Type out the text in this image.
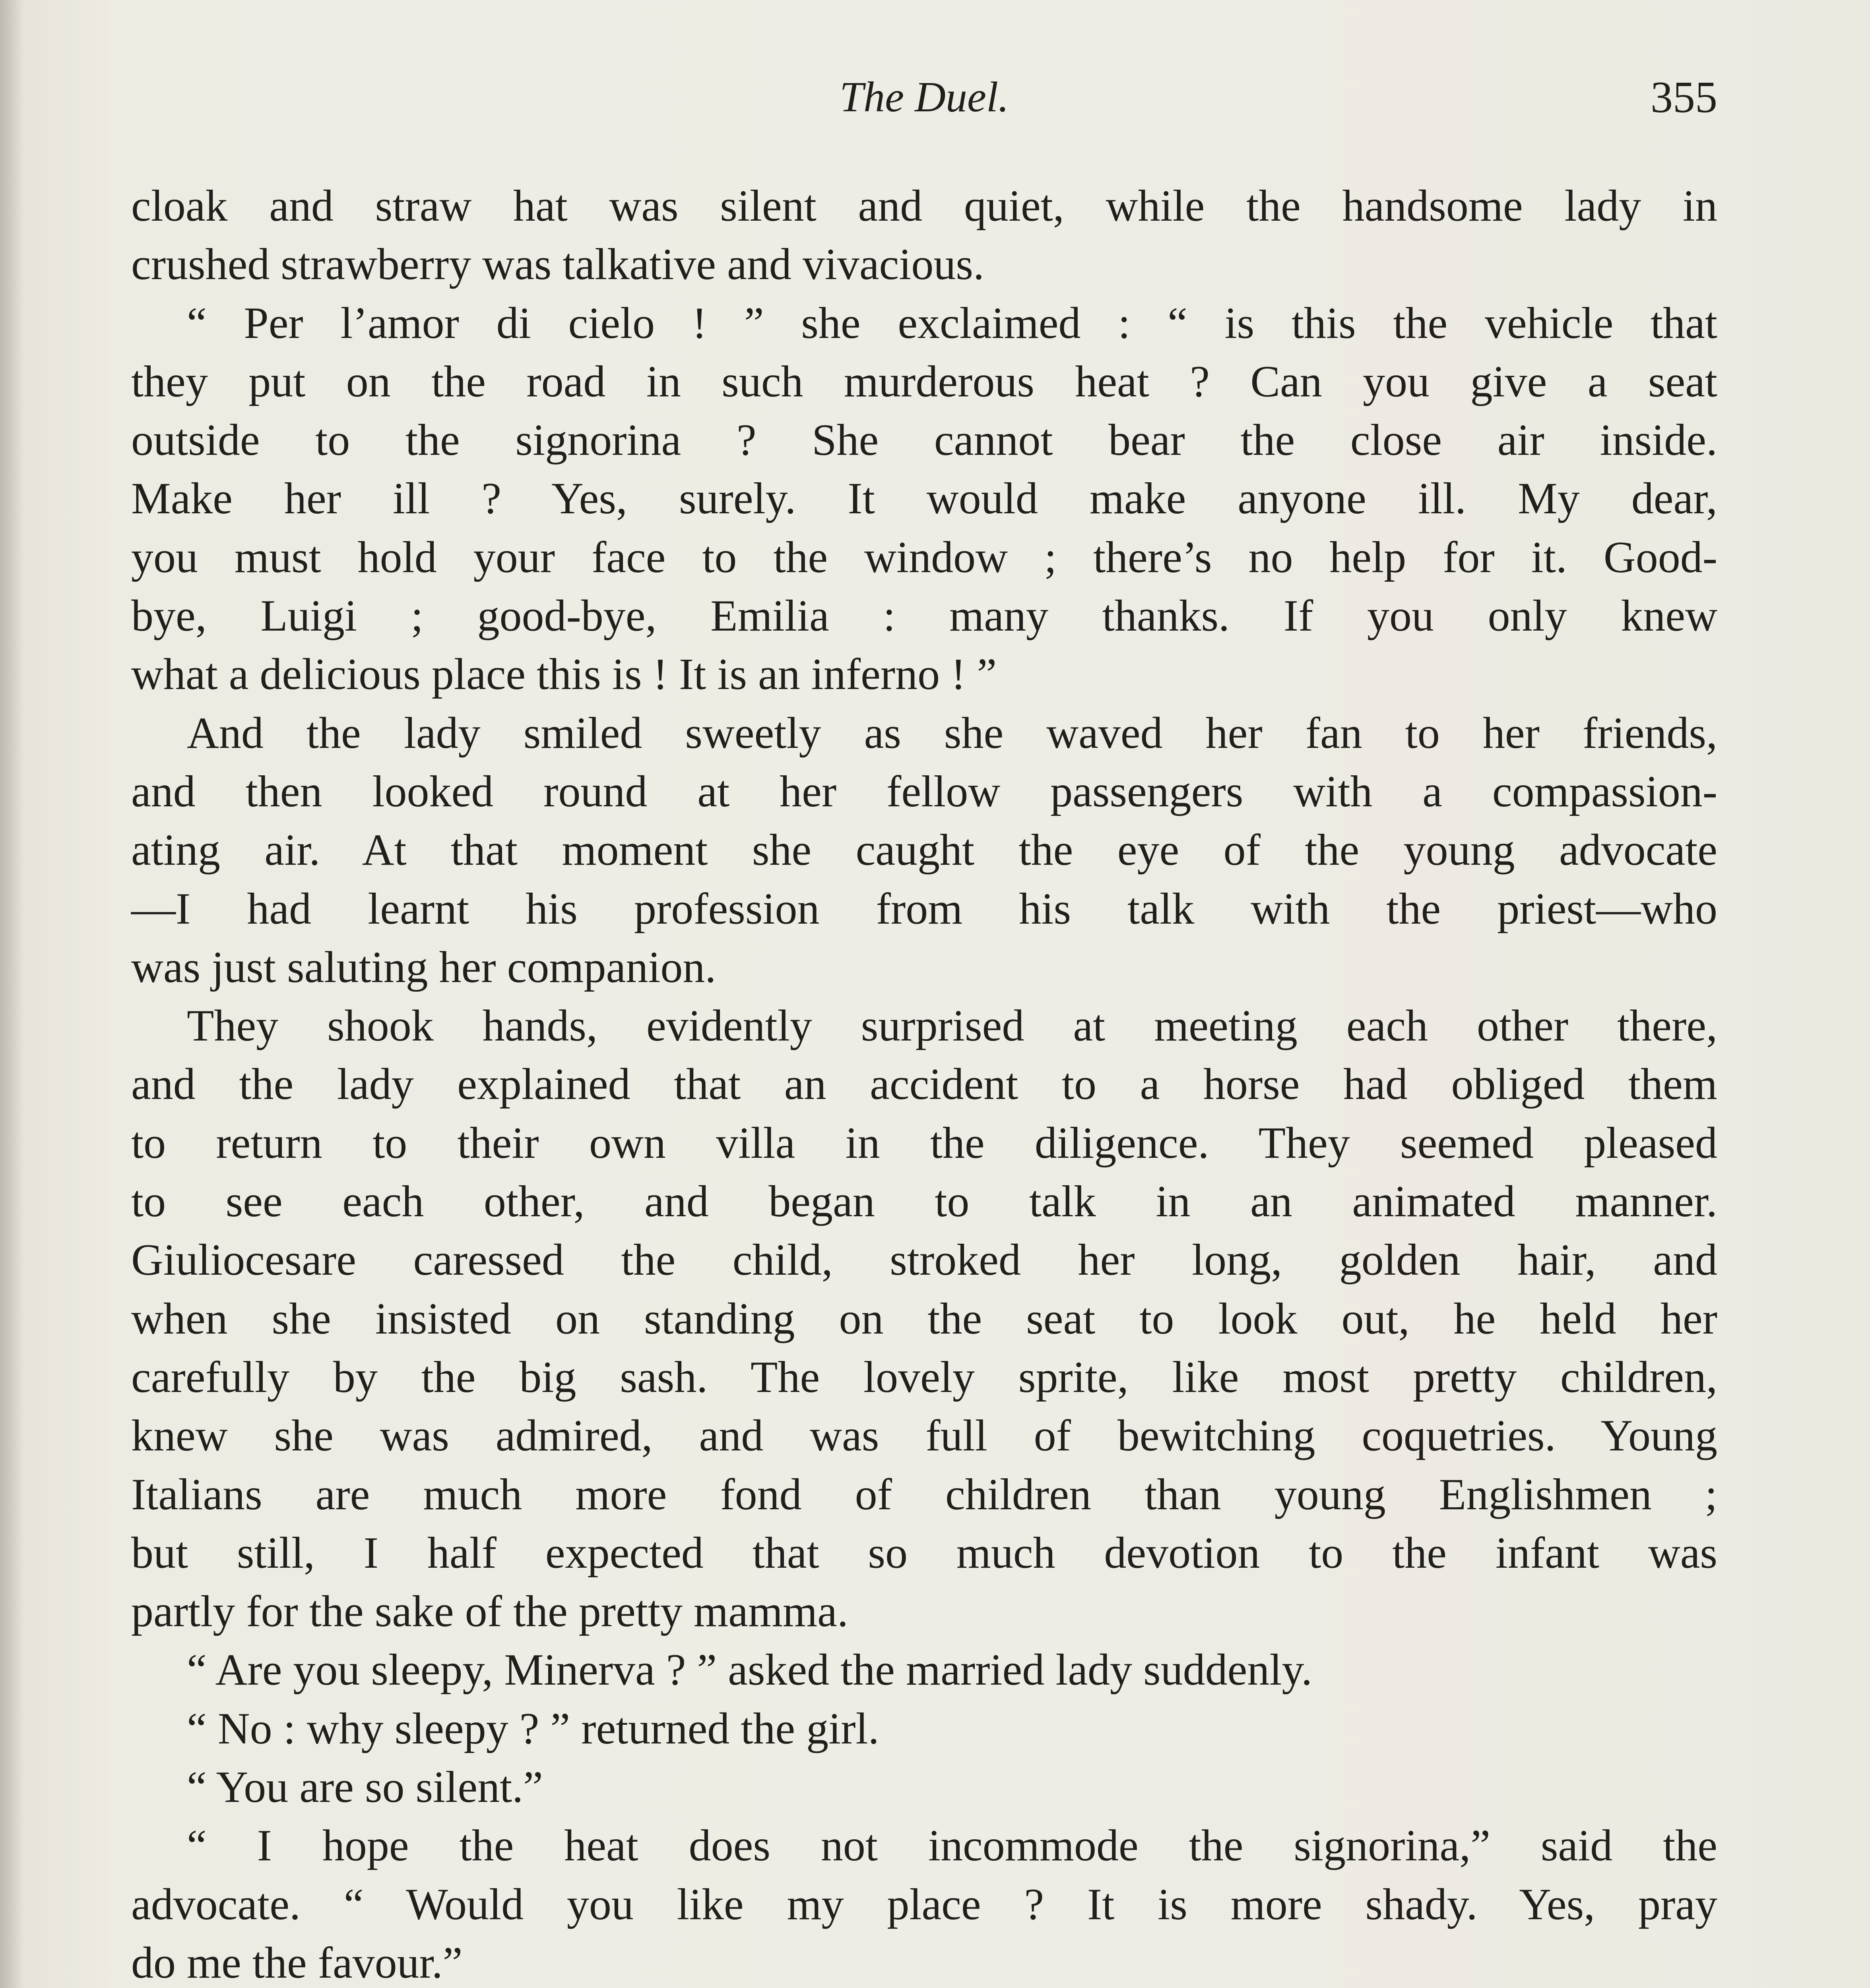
The Duel.	355

cloak and straw hat was silent and quiet, while the handsome lady in

crushed strawberry was talkative and vivacious.

“ Per l’amor di cielo ! ” she exclaimed : “ is this the vehicle that

they put on the road in such murderous heat ? Can you give a seat

outside to the signorina ? She cannot bear the close air inside.

Make her ill ? Yes, surely. It would make anyone ill. My dear,

you must hold your face to the window ; there’s no help for it. Good-

bye, Luigi ; good-bye, Emilia : many thanks. If you only knew

what a delicious place this is ! It is an inferno ! ”

And the lady smiled sweetly as she waved her fan to her friends,

and then looked round at her fellow passengers with a compassion-

ating air. At that moment she caught the eye of the young advocate

—I had learnt his profession from his talk with the priest—who

was just saluting her companion.

They shook hands, evidently surprised at meeting each other there,

and the lady explained that an accident to a horse had obliged them

to return to their own villa in the diligence. They seemed pleased

to see each other, and began to talk in an animated manner.

Giuliocesare caressed the child, stroked her long, golden hair, and

when she insisted on standing on the seat to look out, he held her

carefully by the big sash. The lovely sprite, like most pretty children,

knew she was admired, and was full of bewitching coquetries. Young

Italians are much more fond of children than young Englishmen ;

but still, I half expected that so much devotion to the infant was

partly for the sake of the pretty mamma.

“ Are you sleepy, Minerva ? ” asked the married lady suddenly.

“ No : why sleepy ? ” returned the girl.

“ You are so silent.”

“ I hope the heat does not incommode the signorina,” said the

advocate. “ Would you like my place ? It is more shady. Yes, pray

do me the favour.”
